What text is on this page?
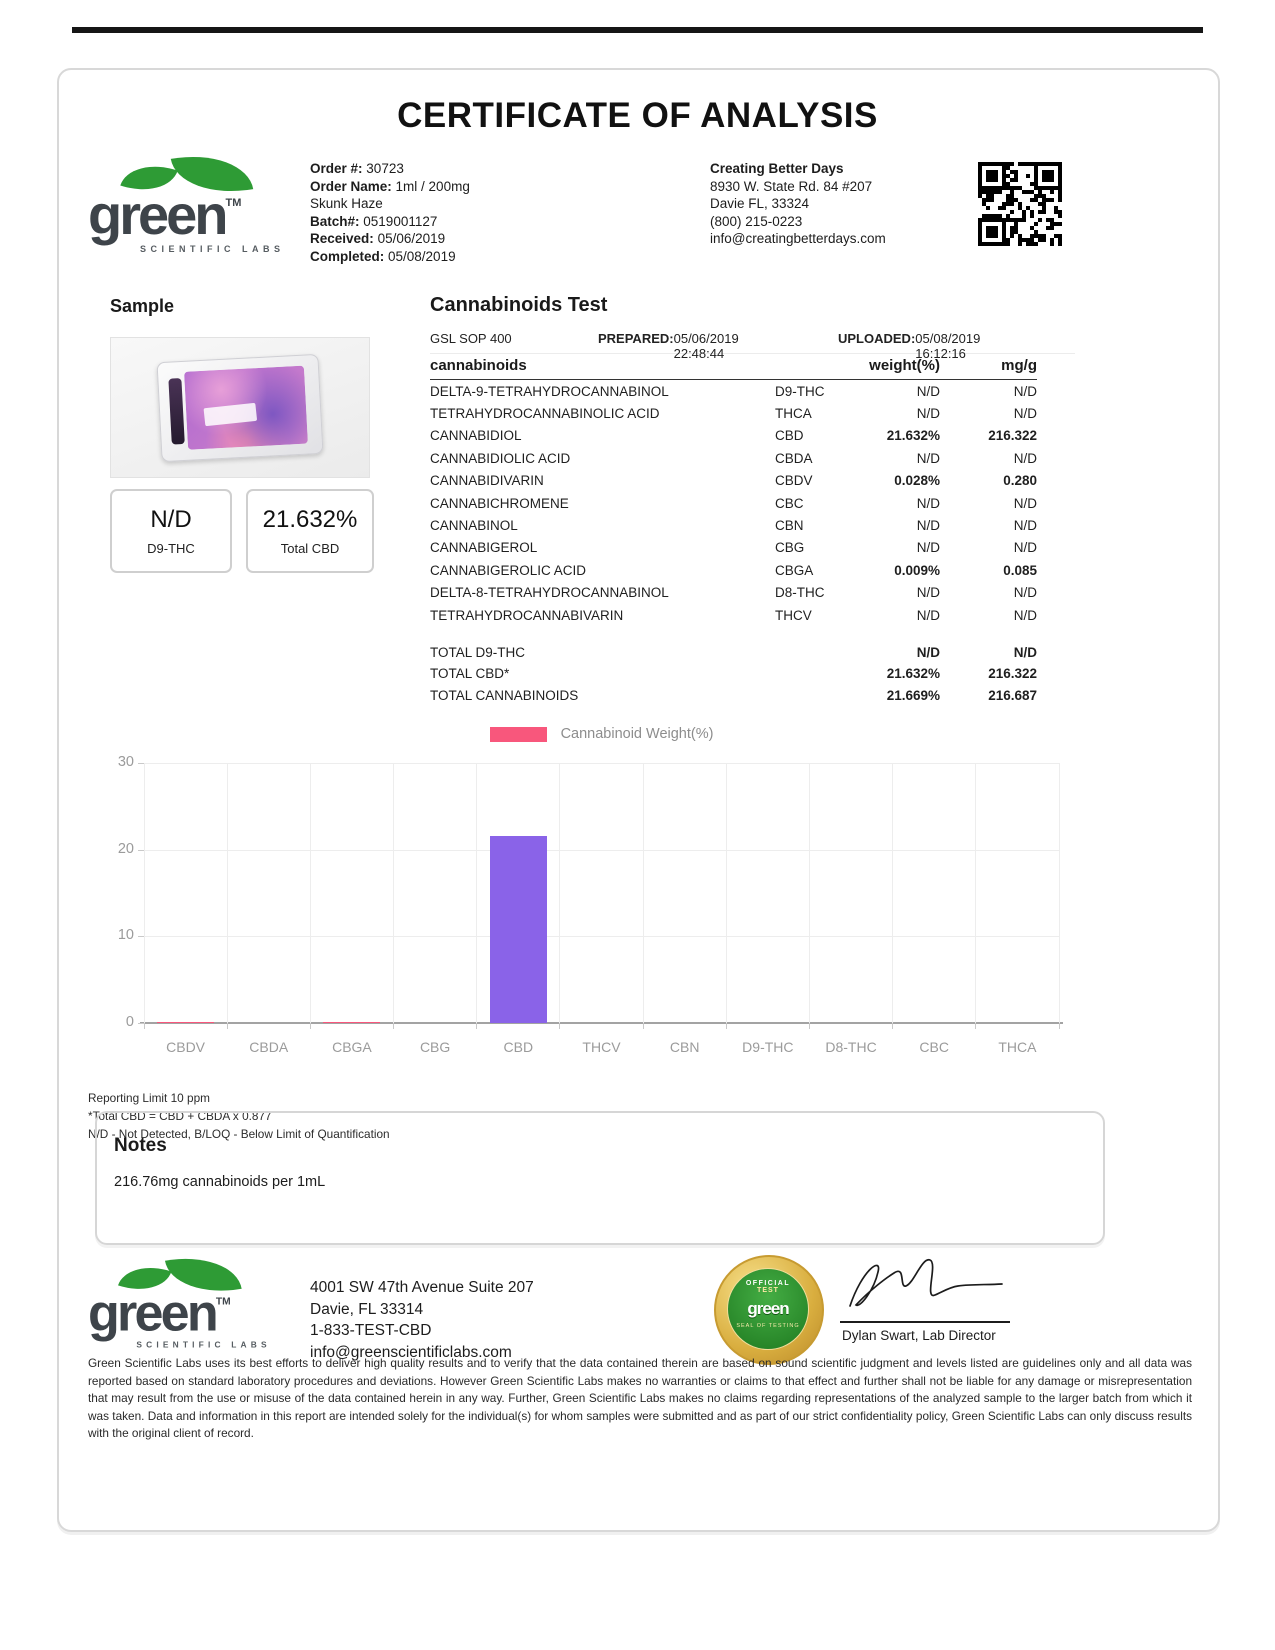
CERTIFICATE OF ANALYSIS
green™
SCIENTIFIC LABS
Order #: 30723
Order Name: 1ml / 200mg
Skunk Haze
Batch#: 0519001127
Received: 05/06/2019
Completed: 05/08/2019
Creating Better Days
8930 W. State Rd. 84 #207
Davie FL, 33324
(800) 215-0223
info@creatingbetterdays.com
Sample
N/D
D9-THC
21.632%
Total CBD
Cannabinoids Test
GSL SOP 400	PREPARED: 05/06/2019 22:48:44
UPLOADED: 05/08/2019 16:12:16
cannabinoids	weight(%)	mg/g
DELTA-9-TETRAHYDROCANNABINOL	D9-THC	N/D	N/D
TETRAHYDROCANNABINOLIC ACID	THCA	N/D	N/D
CANNABIDIOL	CBD	21.632%	216.322
CANNABIDIOLIC ACID	CBDA	N/D	N/D
CANNABIDIVARIN	CBDV	0.028%	0.280
CANNABICHROMENE	CBC	N/D	N/D
CANNABINOL	CBN	N/D	N/D
CANNABIGEROL	CBG	N/D	N/D
CANNABIGEROLIC ACID	CBGA	0.009%	0.085
DELTA-8-TETRAHYDROCANNABINOL	D8-THC	N/D	N/D
TETRAHYDROCANNABIVARIN	THCV	N/D	N/D
TOTAL D9-THC	N/D	N/D
TOTAL CBD*	21.632%	216.322
TOTAL CANNABINOIDS	21.669%	216.687
Cannabinoid Weight(%)
0
10
20
30
CBDV	CBDA	CBGA	CBG	CBD	THCV	CBN	D9-THC	D8-THC	CBC	THCA
Reporting Limit 10 ppm
*Total CBD = CBD + CBDA x 0.877
N/D - Not Detected, B/LOQ - Below Limit of Quantification
Notes
216.76mg cannabinoids per 1mL
green™
SCIENTIFIC LABS
4001 SW 47th Avenue Suite 207
Davie, FL 33314
1-833-TEST-CBD
info@greenscientificlabs.com
OFFICIAL
TEST
green
SEAL OF TESTING
Dylan Swart, Lab Director
Green Scientific Labs uses its best efforts to deliver high quality results and to verify that the data contained therein are based on sound scientific judgment and levels listed are guidelines only and all data was reported based on standard laboratory procedures and deviations. However Green Scientific Labs makes no warranties or claims to that effect and further shall not be liable for any damage or misrepresentation that may result from the use or misuse of the data contained herein in any way. Further, Green Scientific Labs makes no claims regarding representations of the analyzed sample to the larger batch from which it was taken. Data and information in this report are intended solely for the individual(s) for whom samples were submitted and as part of our strict confidentiality policy, Green Scientific Labs can only discuss results with the original client of record.
